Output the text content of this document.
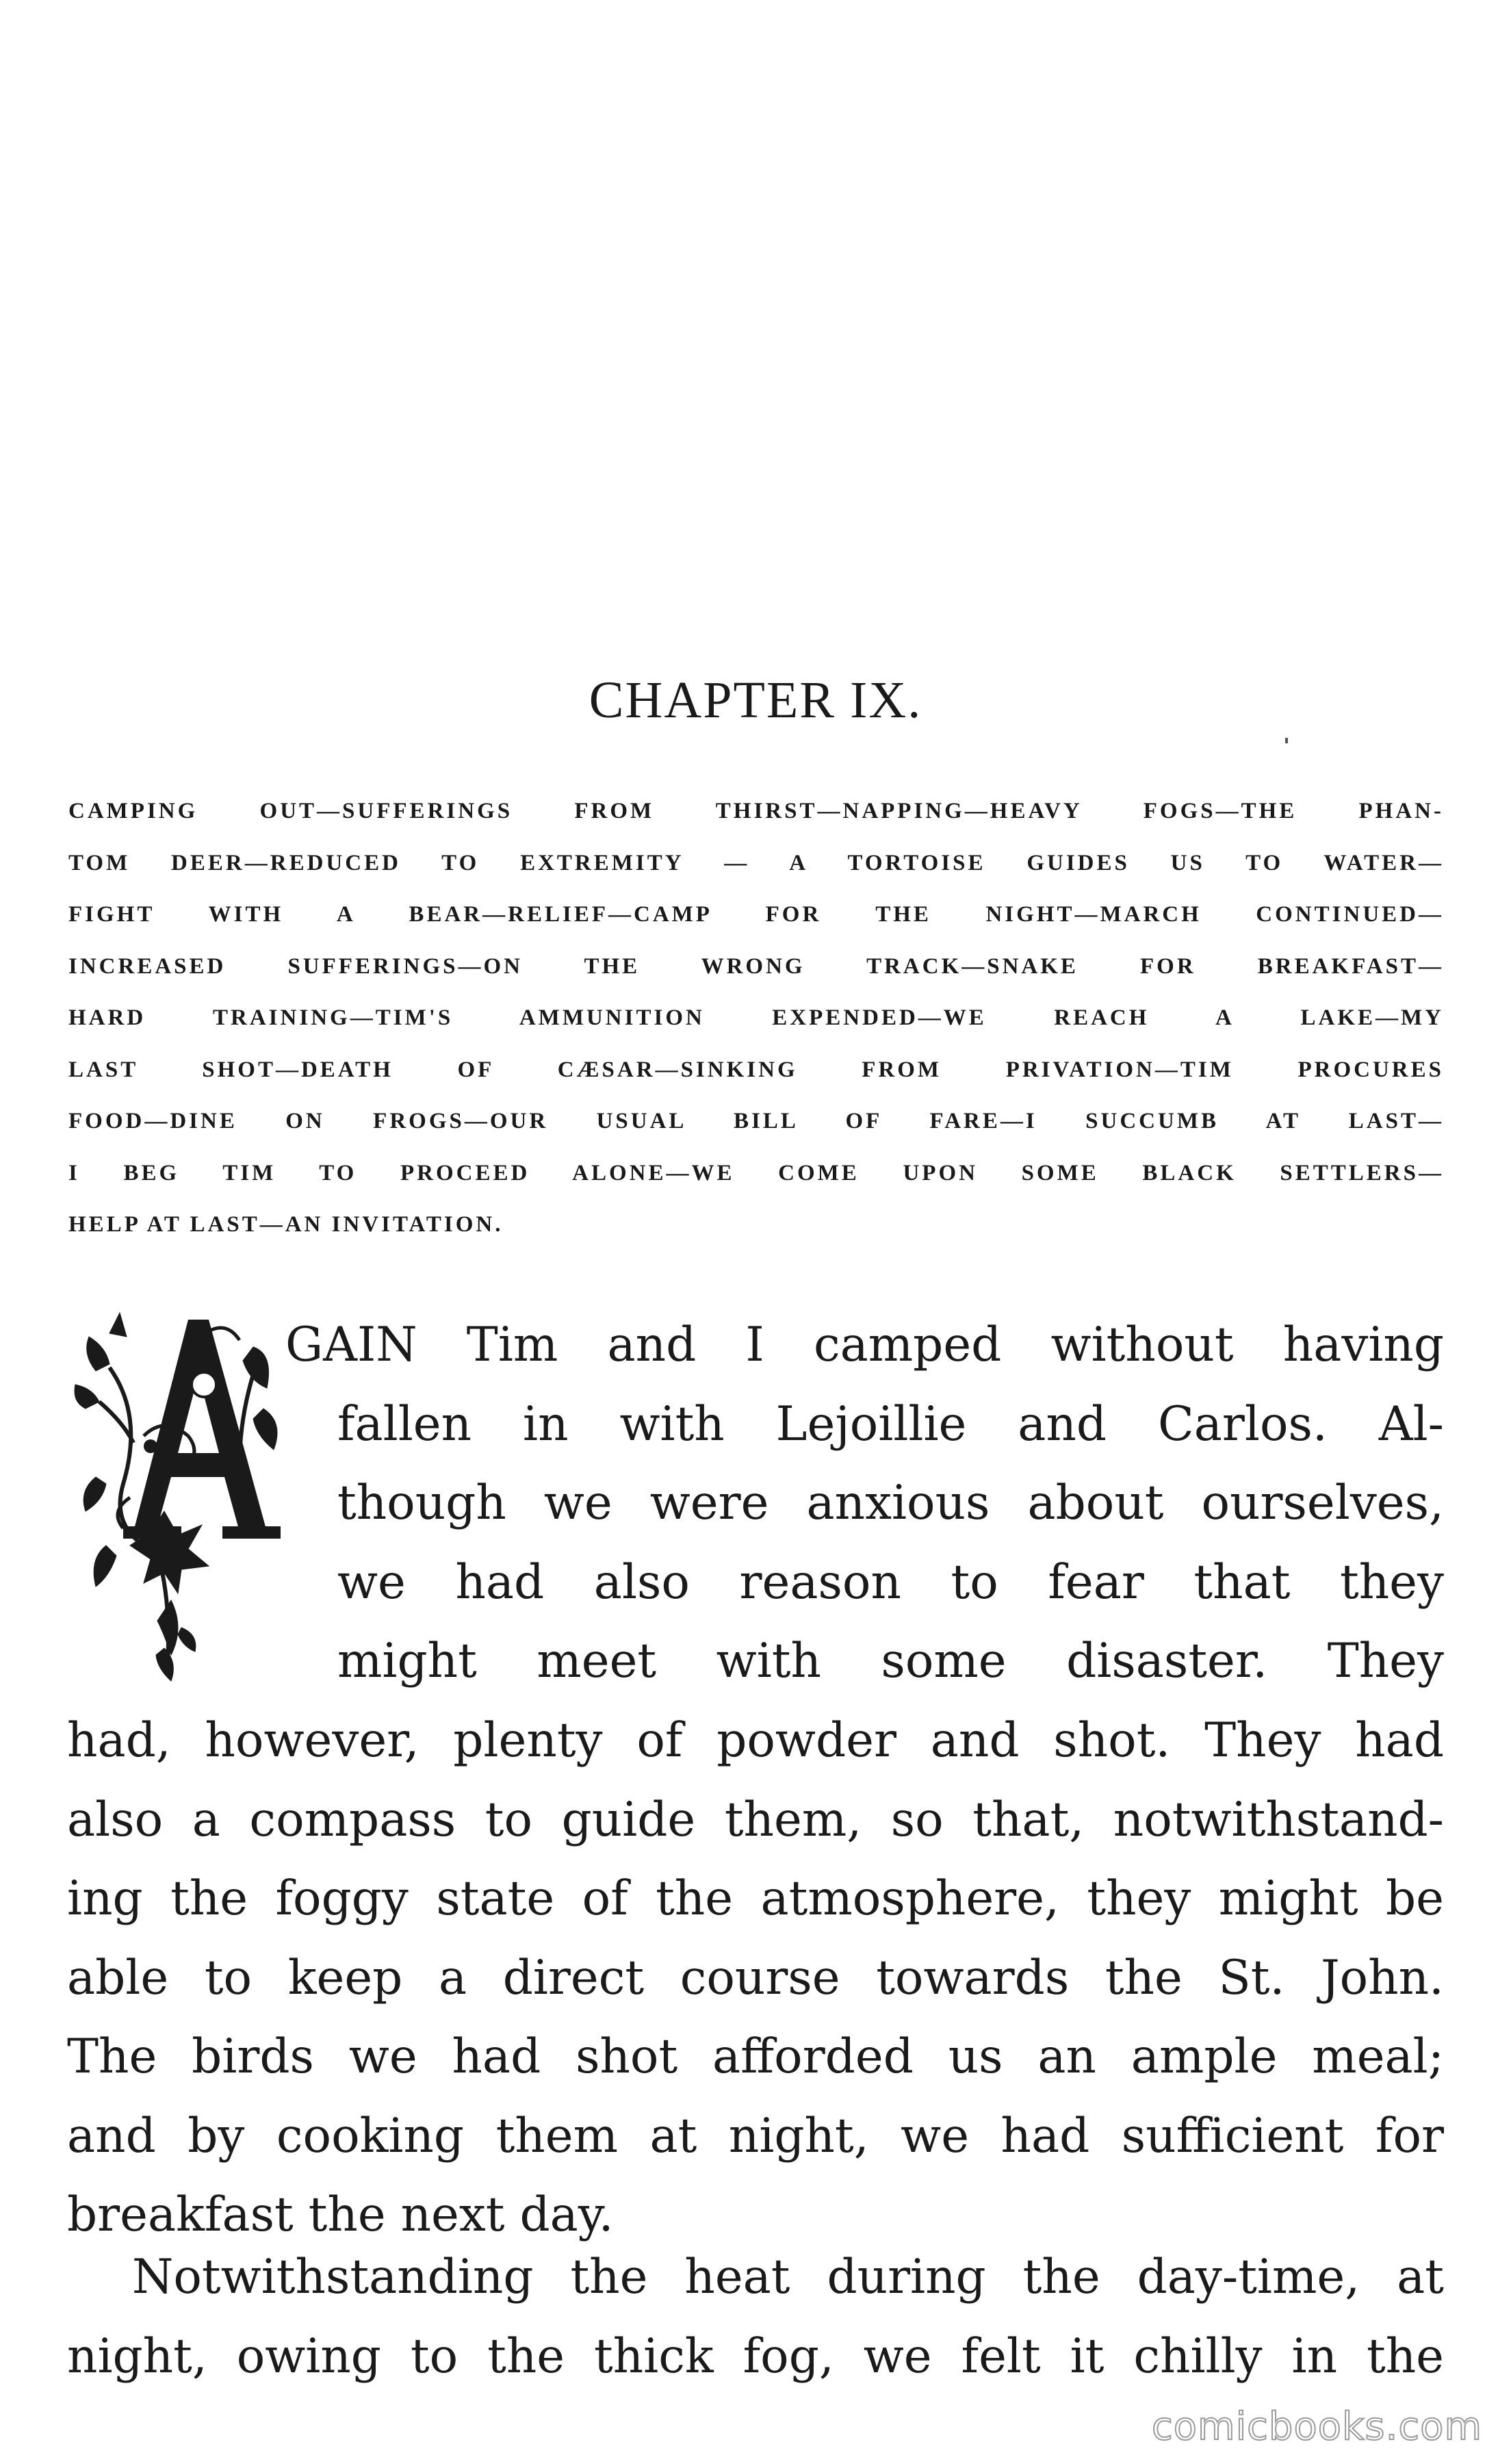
CHAPTER IX.
CAMPING OUT—SUFFERINGS FROM THIRST—NAPPING—HEAVY FOGS—THE PHAN-
TOM DEER—REDUCED TO EXTREMITY — A TORTOISE GUIDES US TO WATER—
FIGHT WITH A BEAR—RELIEF—CAMP FOR THE NIGHT—MARCH CONTINUED—
INCREASED SUFFERINGS—ON THE WRONG TRACK—SNAKE FOR BREAKFAST—
HARD TRAINING—TIM'S AMMUNITION EXPENDED—WE REACH A LAKE—MY
LAST SHOT—DEATH OF CÆSAR—SINKING FROM PRIVATION—TIM PROCURES
FOOD—DINE ON FROGS—OUR USUAL BILL OF FARE—I SUCCUMB AT LAST—
I BEG TIM TO PROCEED ALONE—WE COME UPON SOME BLACK SETTLERS—
HELP AT LAST—AN INVITATION.
GAIN Tim and I camped without having
fallen in with Lejoillie and Carlos. Al-
though we were anxious about ourselves,
we had also reason to fear that they
might meet with some disaster. They
had, however, plenty of powder and shot. They had
also a compass to guide them, so that, notwithstand-
ing the foggy state of the atmosphere, they might be
able to keep a direct course towards the St. John.
The birds we had shot afforded us an ample meal;
and by cooking them at night, we had sufficient for
breakfast the next day.
Notwithstanding the heat during the day-time, at
night, owing to the thick fog, we felt it chilly in the
comicbooks.com
